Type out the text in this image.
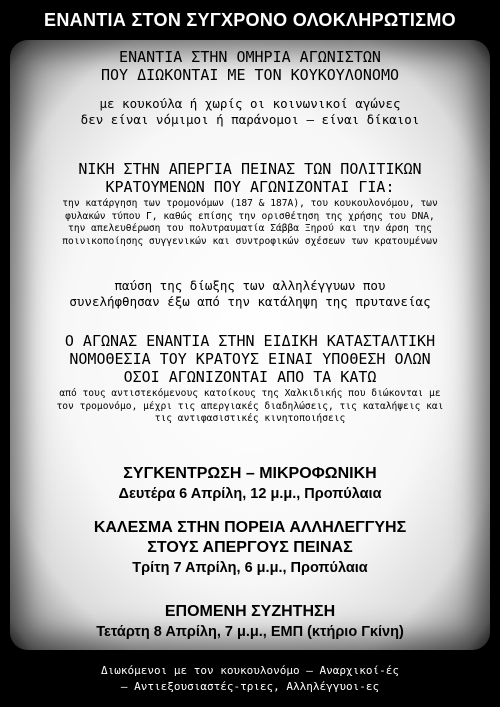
ΕΝΑΝΤΙΑ ΣΤΟΝ ΣΥΓΧΡΟΝΟ ΟΛΟΚΛΗΡΩΤΙΣΜΟ
ΕΝΑΝΤΙΑ ΣΤΗΝ ΟΜΗΡΙΑ ΑΓΩΝΙΣΤΩΝ
ΠΟΥ ΔΙΩΚΟΝΤΑΙ ΜΕ ΤΟΝ ΚΟΥΚΟΥΛΟΝΟΜΟ
με κουκούλα ή χωρίς οι κοινωνικοί αγώνες
δεν είναι νόμιμοι ή παράνομοι – είναι δίκαιοι
ΝΙΚΗ ΣΤΗΝ ΑΠΕΡΓΙΑ ΠΕΙΝΑΣ ΤΩΝ ΠΟΛΙΤΙΚΩΝ
ΚΡΑΤΟΥΜΕΝΩΝ ΠΟΥ ΑΓΩΝΙΖΟΝΤΑΙ ΓΙΑ:
την κατάργηση των τρομονόμων (187 & 187Α), του κουκουλονόμου, των
φυλακών τύπου Γ, καθώς επίσης την ορισθέτηση της χρήσης του DNA,
την απελευθέρωση του πολυτραυματία Σάββα Ξηρού και την άρση της
ποινικοποίησης συγγενικών και συντροφικών σχέσεων των κρατουμένων
παύση της δίωξης των αλληλέγγυων που
συνελήφθησαν έξω από την κατάληψη της πρυτανείας
Ο ΑΓΩΝΑΣ ΕΝΑΝΤΙΑ ΣΤΗΝ ΕΙΔΙΚΗ ΚΑΤΑΣΤΑΛΤΙΚΗ
ΝΟΜΟΘΕΣΙΑ ΤΟΥ ΚΡΑΤΟΥΣ ΕΙΝΑΙ ΥΠΟΘΕΣΗ ΟΛΩΝ
ΟΣΟΙ ΑΓΩΝΙΖΟΝΤΑΙ ΑΠΟ ΤΑ ΚΑΤΩ
από τους αντιστεκόμενους κατοίκους της Χαλκιδικής που διώκονται με
τον τρομονόμο, μέχρι τις απεργιακές διαδηλώσεις, τις καταλήψεις και
τις αντιφασιστικές κινητοποιήσεις
ΣΥΓΚΕΝΤΡΩΣΗ – ΜΙΚΡΟΦΩΝΙΚΗ
Δευτέρα 6 Απρίλη, 12 μ.μ., Προπύλαια
ΚΑΛΕΣΜΑ ΣΤΗΝ ΠΟΡΕΙΑ ΑΛΛΗΛΕΓΓΥΗΣ
ΣΤΟΥΣ ΑΠΕΡΓΟΥΣ ΠΕΙΝΑΣ
Τρίτη 7 Απρίλη, 6 μ.μ., Προπύλαια
ΕΠΟΜΕΝΗ ΣΥΖΗΤΗΣΗ
Τετάρτη 8 Απρίλη, 7 μ.μ., ΕΜΠ (κτήριο Γκίνη)
Διωκόμενοι με τον κουκουλονόμο – Αναρχικοί-ές
– Αντιεξουσιαστές-τριες, Αλληλέγγυοι-ες
